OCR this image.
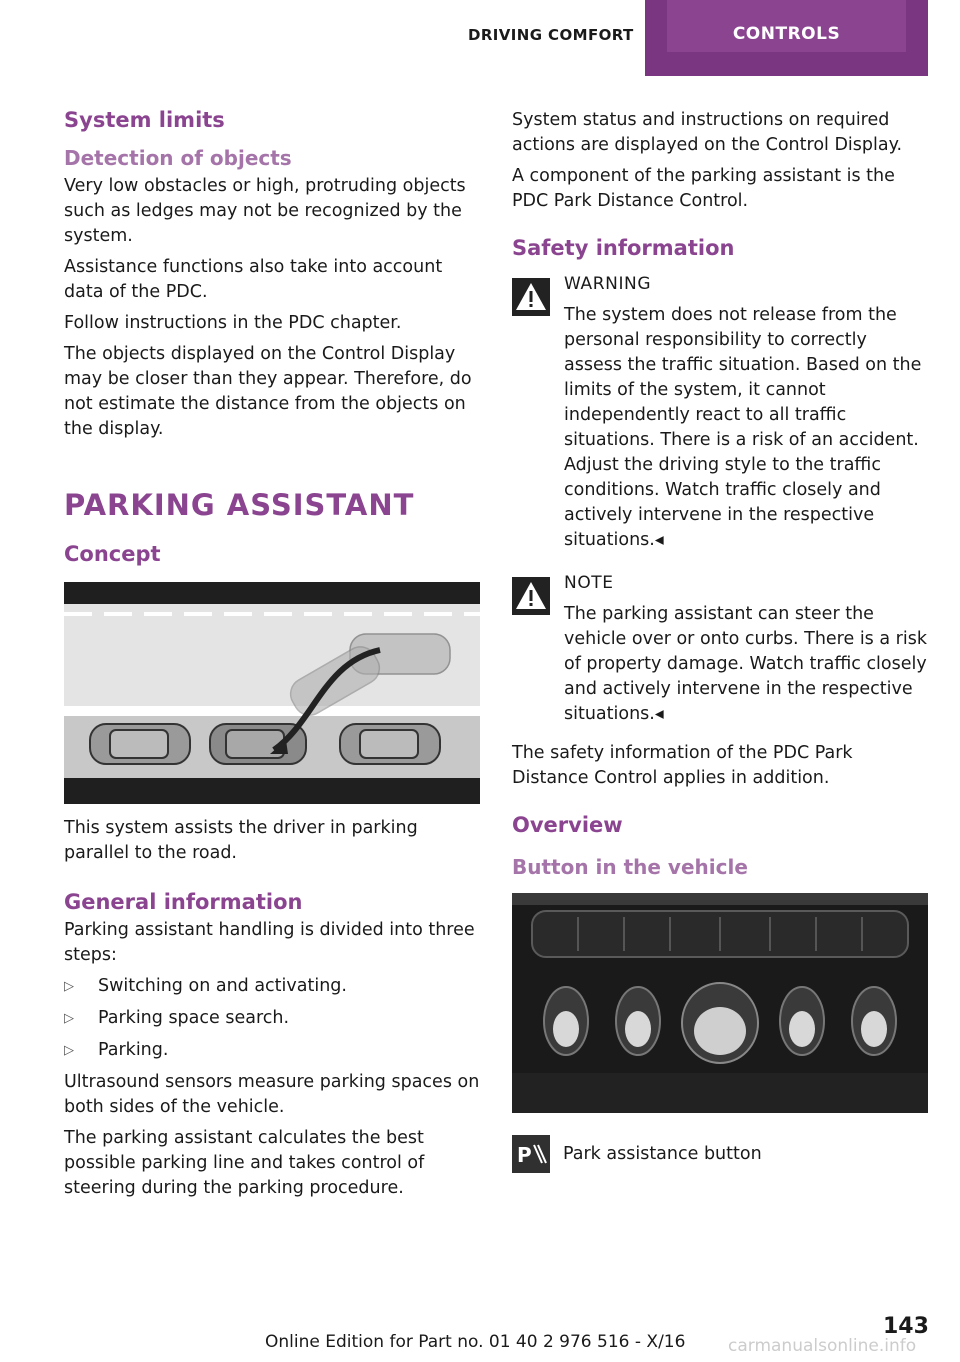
DRIVING COMFORT	CONTROLS
System limits
Detection of objects

Very low obstacles or high, protruding objects such as ledges may not be recognized by the system.

Assistance functions also take into account data of the PDC.

Follow instructions in the PDC chapter.

The objects displayed on the Control Display may be closer than they appear. Therefore, do not estimate the distance from the objects on the display.

PARKING ASSISTANT
Concept

This system assists the driver in parking parallel to the road.

General information

Parking assistant handling is divided into three steps:

▷	Switching on and activating.
▷	Parking space search.
▷	Parking.

Ultrasound sensors measure parking spaces on both sides of the vehicle.

The parking assistant calculates the best possible parking line and takes control of steering during the parking procedure.

System status and instructions on required actions are displayed on the Control Display.

A component of the parking assistant is the PDC Park Distance Control.

Safety information
WARNING

The system does not release from the personal responsibility to correctly assess the traffic situation. Based on the limits of the system, it cannot independently react to all traffic situations. There is a risk of an accident. Adjust the driving style to the traffic conditions. Watch traffic closely and actively intervene in the respective situations.◂

NOTE

The parking assistant can steer the vehicle over or onto curbs. There is a risk of property damage. Watch traffic closely and actively intervene in the respective situations.◂

The safety information of the PDC Park Distance Control applies in addition.

Overview
Button in the vehicle
P Park assistance button
Online Edition for Part no. 01 40 2 976 516 - X/16
143
carmanualsonline.info
